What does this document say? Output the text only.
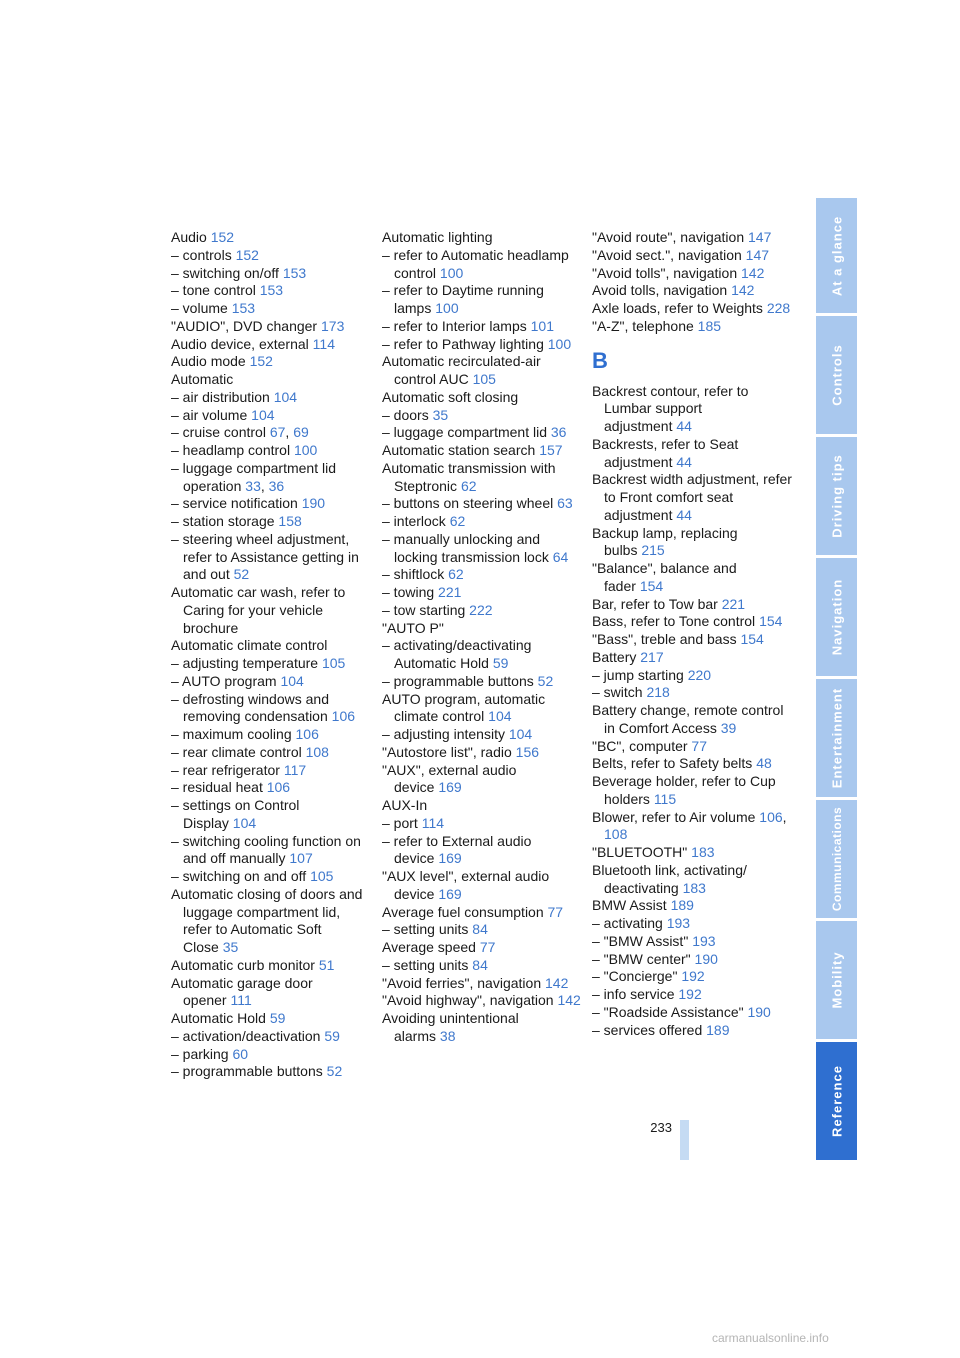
Audio 152

– controls 152

– switching on/off 153

– tone control 153

– volume 153

"AUDIO", DVD changer 173

Audio device, external 114

Audio mode 152

Automatic

– air distribution 104

– air volume 104

– cruise control 67, 69

– headlamp control 100

– luggage compartment lid operation 33, 36

– service notification 190

– station storage 158

– steering wheel adjustment, refer to Assistance getting in and out 52

Automatic car wash, refer to Caring for your vehicle brochure

Automatic climate control

– adjusting temperature 105

– AUTO program 104

– defrosting windows and removing condensation 106

– maximum cooling 106

– rear climate control 108

– rear refrigerator 117

– residual heat 106

– settings on Control Display 104

– switching cooling function on and off manually 107

– switching on and off 105

Automatic closing of doors and luggage compartment lid, refer to Automatic Soft Close 35

Automatic curb monitor 51

Automatic garage door opener 111

Automatic Hold 59

– activation/deactivation 59

– parking 60

– programmable buttons 52

Automatic lighting

– refer to Automatic headlamp control 100

– refer to Daytime running lamps 100

– refer to Interior lamps 101

– refer to Pathway lighting 100

Automatic recirculated-air control AUC 105

Automatic soft closing

– doors 35

– luggage compartment lid 36

Automatic station search 157

Automatic transmission with Steptronic 62

– buttons on steering wheel 63

– interlock 62

– manually unlocking and locking transmission lock 64

– shiftlock 62

– towing 221

– tow starting 222

"AUTO P"

– activating/deactivating Automatic Hold 59

– programmable buttons 52

AUTO program, automatic climate control 104

– adjusting intensity 104

"Autostore list", radio 156

"AUX", external audio device 169

AUX-In

– port 114

– refer to External audio device 169

"AUX level", external audio device 169

Average fuel consumption 77

– setting units 84

Average speed 77

– setting units 84

"Avoid ferries", navigation 142

"Avoid highway", navigation 142

Avoiding unintentional alarms 38

"Avoid route", navigation 147

"Avoid sect.", navigation 147

"Avoid tolls", navigation 142

Avoid tolls, navigation 142

Axle loads, refer to Weights 228

"A-Z", telephone 185

B

Backrest contour, refer to Lumbar support adjustment 44

Backrests, refer to Seat adjustment 44

Backrest width adjustment, refer to Front comfort seat adjustment 44

Backup lamp, replacing bulbs 215

"Balance", balance and fader 154

Bar, refer to Tow bar 221

Bass, refer to Tone control 154

"Bass", treble and bass 154

Battery 217

– jump starting 220

– switch 218

Battery change, remote control in Comfort Access 39

"BC", computer 77

Belts, refer to Safety belts 48

Beverage holder, refer to Cup holders 115

Blower, refer to Air volume 106, 108

"BLUETOOTH" 183

Bluetooth link, activating/ deactivating 183

BMW Assist 189

– activating 193

– "BMW Assist" 193

– "BMW center" 190

– "Concierge" 192

– info service 192

– "Roadside Assistance" 190

– services offered 189

At a glance
Controls
Driving tips
Navigation
Entertainment
Communications
Mobility
Reference
233
carmanualsonline.info
